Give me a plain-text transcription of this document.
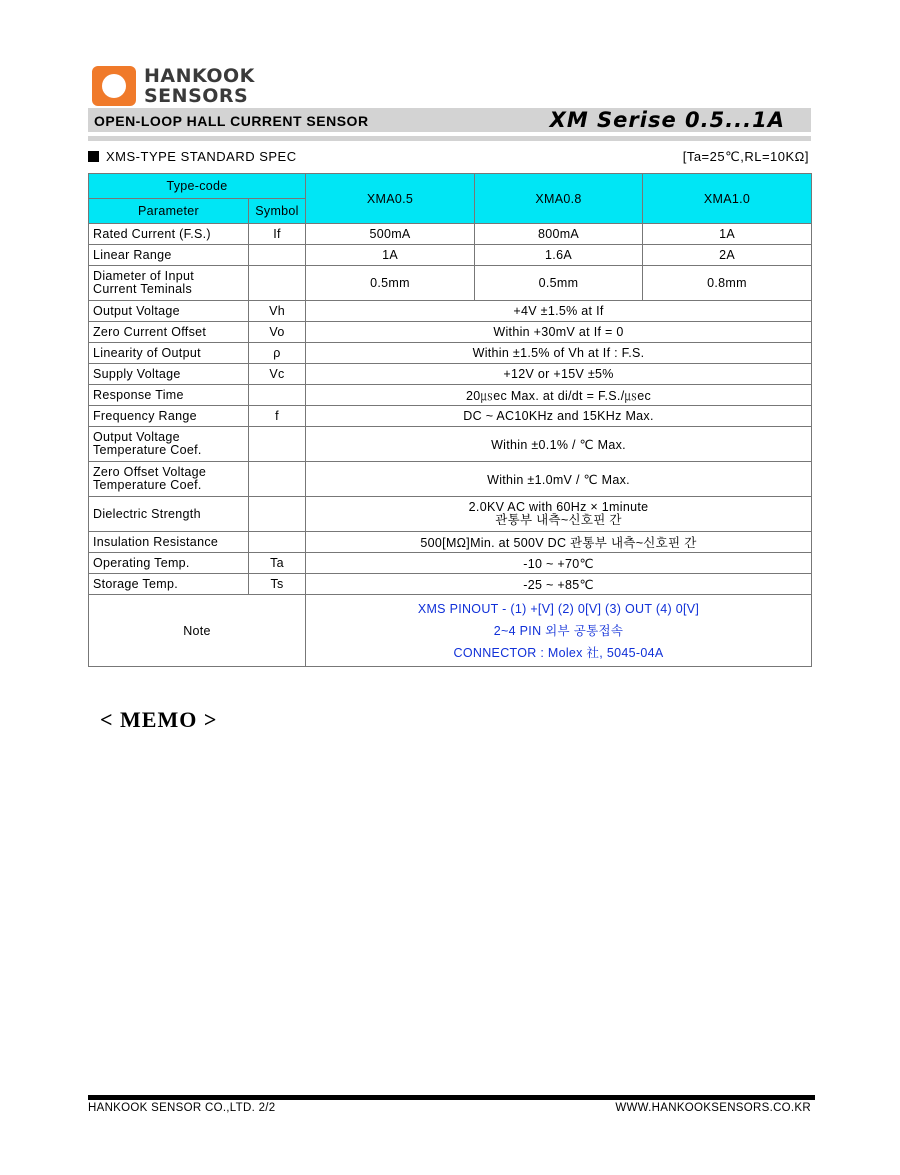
HANKOOK
SENSORS
OPEN-LOOP HALL CURRENT SENSOR	XM Serise 0.5...1A
XMS-TYPE STANDARD SPEC	[Ta=25℃,RL=10KΩ]
Type-code		XMA0.5	XMA0.8	XMA1.0
Parameter	Symbol			
Rated Current (F.S.)	If	500mA	800mA	1A
Linear Range		1A	1.6A	2A

Diameter of Input
Current Teminals		0.5mm	0.5mm	0.8mm
Output Voltage	Vh	+4V ±1.5% at If		
Zero Current Offset	Vo	Within +30mV at If = 0		
Linearity of Output	ρ	Within ±1.5% of Vh at If : F.S.		
Supply Voltage	Vc	+12V or +15V ±5%		
Response Time		20㎲ec Max. at di/dt = F.S./㎲ec		
Frequency Range	f	DC ~ AC10KHz and 15KHz Max.		

Output Voltage
Temperature Coef.		Within ±0.1% / ℃ Max.		

Zero Offset Voltage
Temperature Coef.		Within ±1.0mV / ℃ Max.		
Dielectric Strength		2.0KV AC with 60Hz × 1minute
관통부 내측~신호핀 간		

Insulation Resistance		500[MΩ]Min. at 500V DC 관통부 내측~신호핀 간		
Operating Temp.	Ta	-10 ~ +70℃		
Storage Temp.	Ts	-25 ~ +85℃		
Note		XMS PINOUT - (1) +[V] (2) 0[V] (3) OUT (4) 0[V]
2~4 PIN 외부 공통접속
CONNECTOR : Molex 社, 5045-04A		
< MEMO >
HANKOOK SENSOR CO.,LTD. 2/2	WWW.HANKOOKSENSORS.CO.KR
